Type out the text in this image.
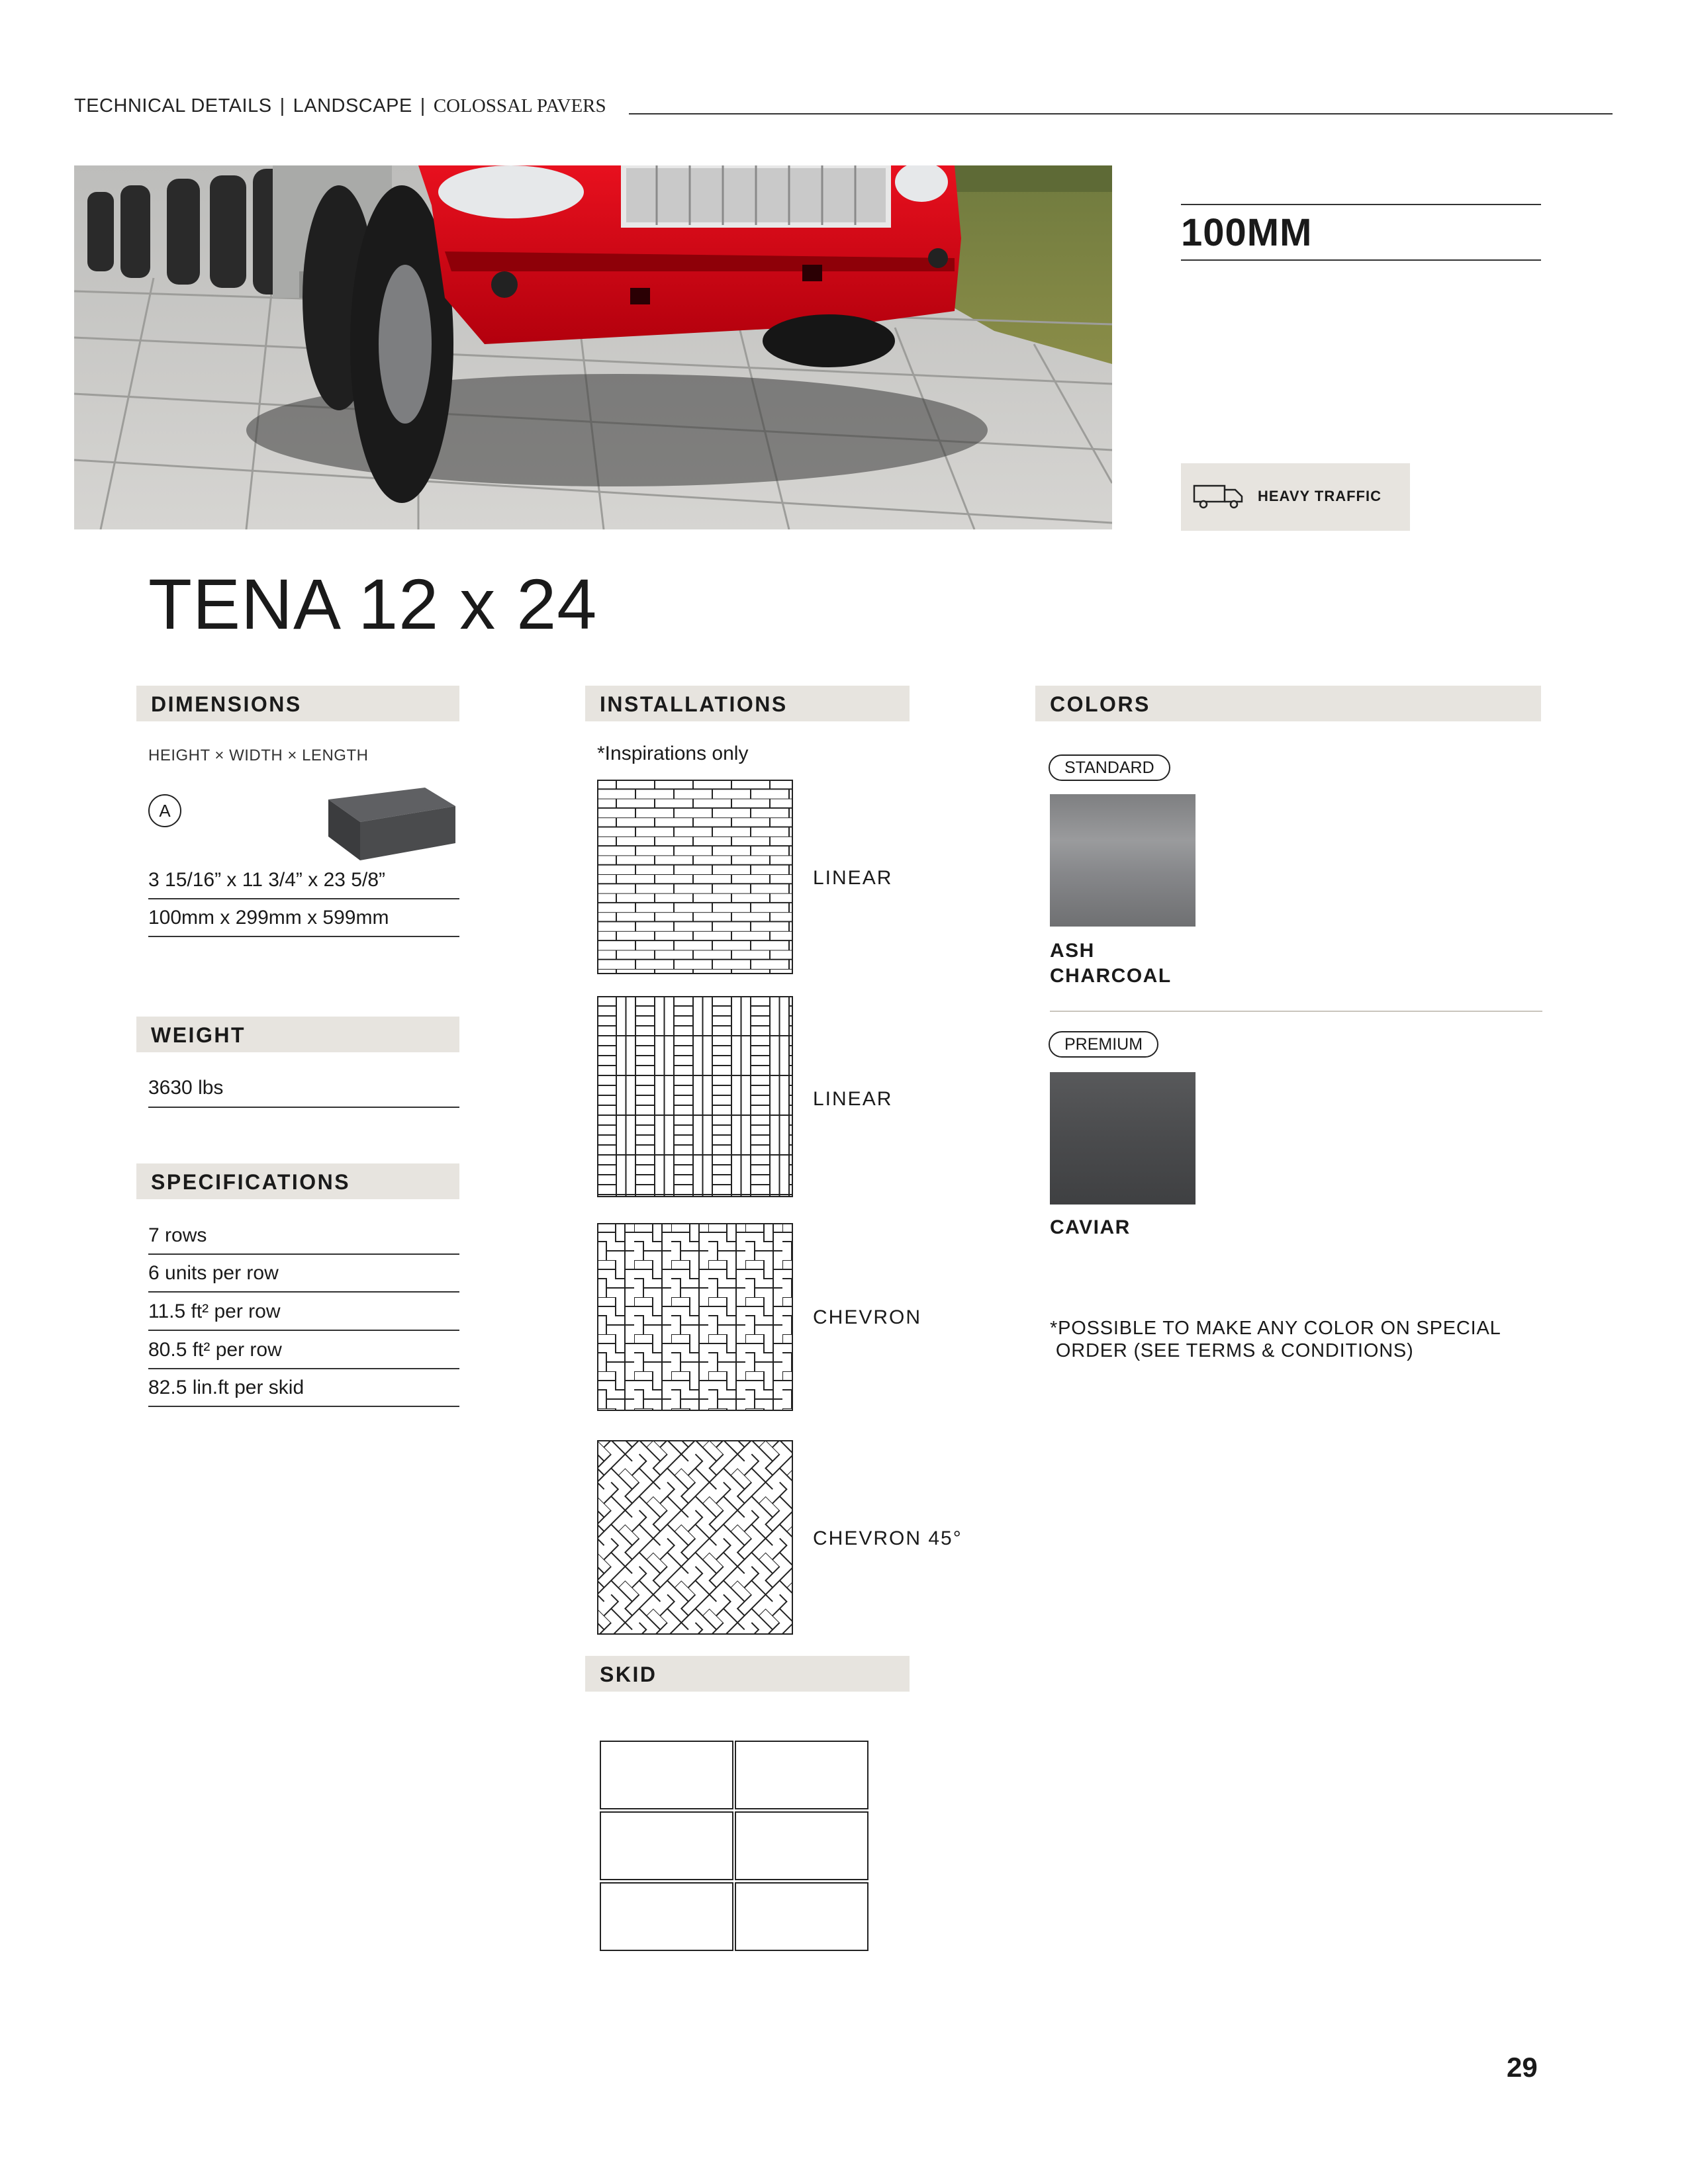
TECHNICAL DETAILS | LANDSCAPE | COLOSSAL PAVERS
100MM
HEAVY TRAFFIC
TENA 12 x 24
DIMENSIONS
HEIGHT × WIDTH × LENGTH
A
3 15/16” x 11 3/4” x 23 5/8”
100mm x 299mm x 599mm
WEIGHT
3630 lbs
SPECIFICATIONS
7 rows
6 units per row
11.5 ft² per row
80.5 ft² per row
82.5 lin.ft per skid
INSTALLATIONS
*Inspirations only
LINEAR
LINEAR
CHEVRON
CHEVRON 45°
SKID
COLORS
STANDARD
ASH
CHARCOAL
PREMIUM
CAVIAR
*POSSIBLE TO MAKE ANY COLOR ON SPECIAL
ORDER (SEE TERMS & CONDITIONS)
29
